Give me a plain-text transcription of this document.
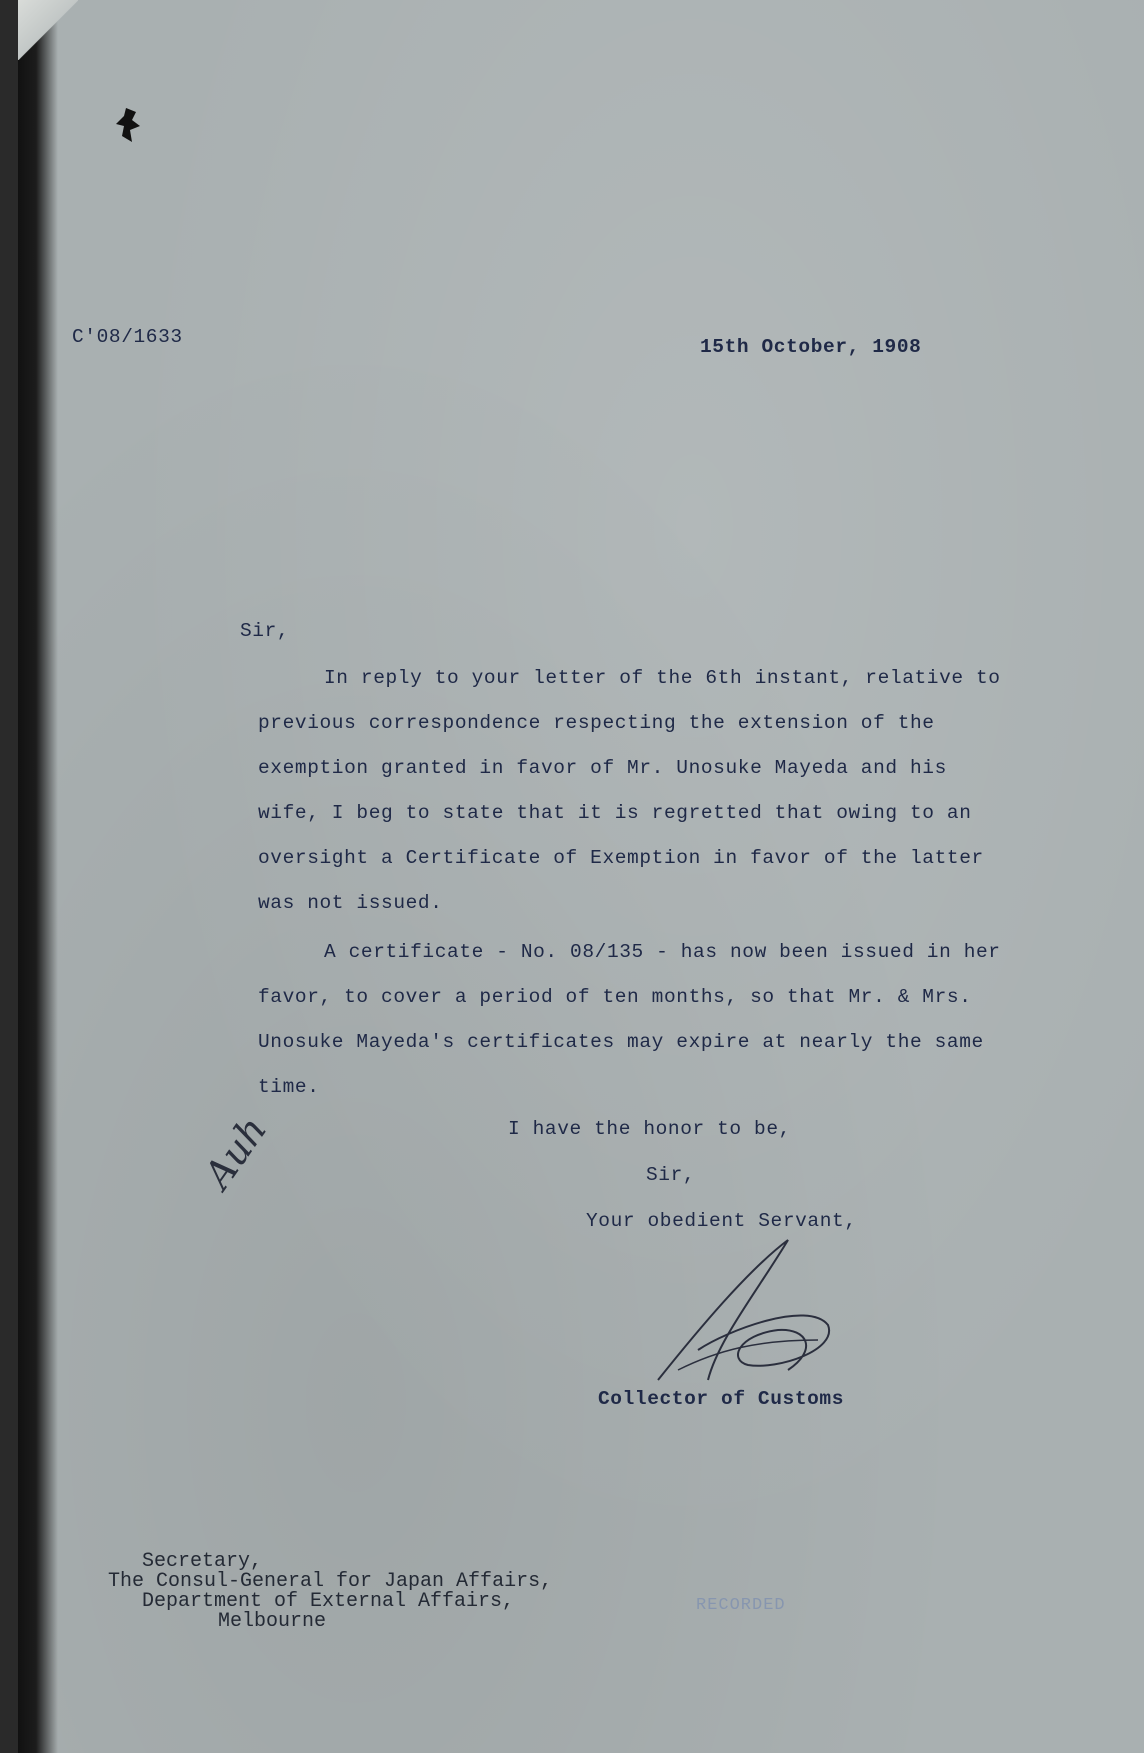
C'08/1633	15th October, 1908
Sir,
In reply to your letter of the 6th instant, relative to
previous correspondence respecting the extension of the
exemption granted in favor of Mr. Unosuke Mayeda and his
wife, I beg to state that it is regretted that owing to an
oversight a Certificate of Exemption in favor of the latter
was not issued.
A certificate - No. 08/135 - has now been issued in her
favor, to cover a period of ten months, so that Mr. & Mrs.
Unosuke Mayeda's certificates may expire at nearly the same
time.
I have the honor to be,
Sir,
Your obedient Servant,
Collector of Customs
Auh
Secretary,
The Consul-General for Japan Affairs,
Department of External Affairs,
Melbourne
RECORDED
